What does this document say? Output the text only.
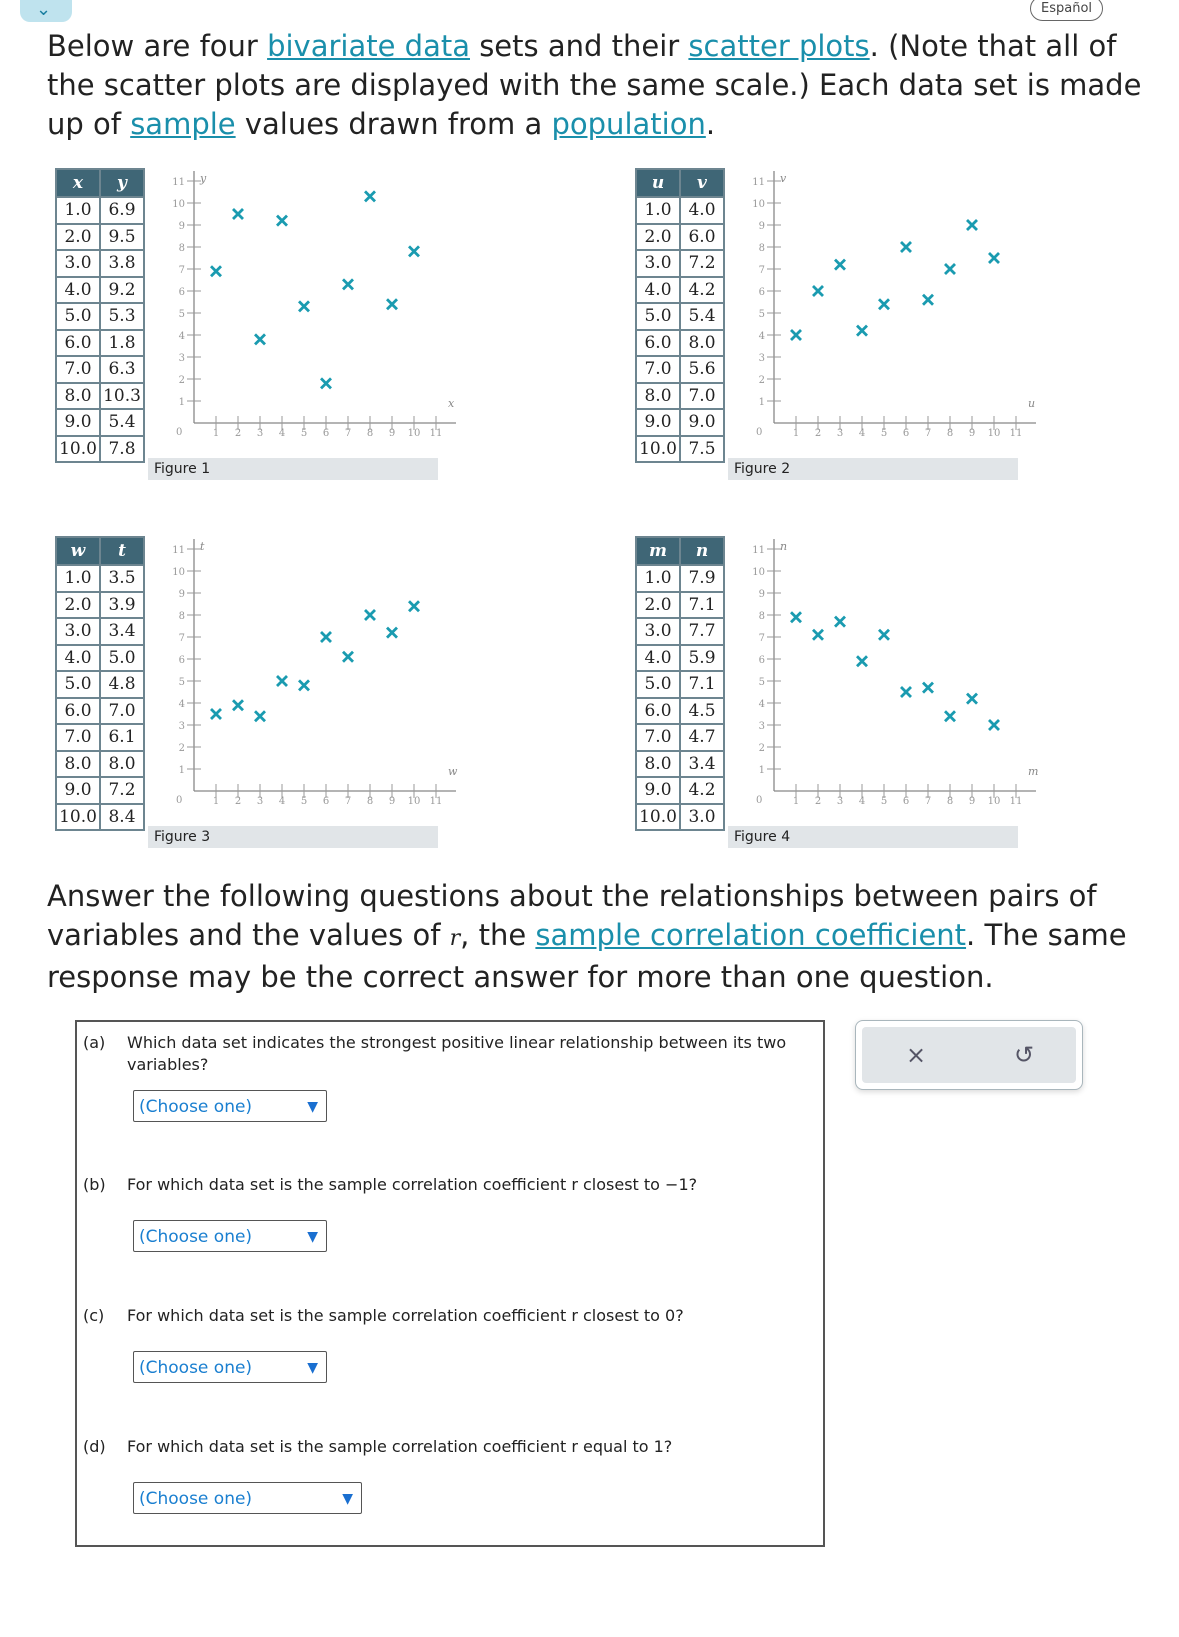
⌄	Español
Below are four bivariate data sets and their scatter plots. (Note that all of the scatter plots are displayed with the same scale.) Each data set is made up of sample values drawn from a population.
x	y
1.0	6.9
2.0	9.5
3.0	3.8
4.0	9.2
5.0	5.3
6.0	1.8
7.0	6.3
8.0	10.3
9.0	5.4
10.0	7.8
0	1
1
2
2
3
3
4
4
5
5
6
6
7
7
8
8
9
9
10
10
11
11
x
y
Figure 1
u	v
1.0	4.0
2.0	6.0
3.0	7.2
4.0	4.2
5.0	5.4
6.0	8.0
7.0	5.6
8.0	7.0
9.0	9.0
10.0	7.5
0	1
1
2
2
3
3
4
4
5
5
6
6
7
7
8
8
9
9
10
10
11
11
u
v
Figure 2
w	t
1.0	3.5
2.0	3.9
3.0	3.4
4.0	5.0
5.0	4.8
6.0	7.0
7.0	6.1
8.0	8.0
9.0	7.2
10.0	8.4
0	1
1
2
2
3
3
4
4
5
5
6
6
7
7
8
8
9
9
10
10
11
11
w
t
Figure 3
m	n
1.0	7.9
2.0	7.1
3.0	7.7
4.0	5.9
5.0	7.1
6.0	4.5
7.0	4.7
8.0	3.4
9.0	4.2
10.0	3.0
0	1
1
2
2
3
3
4
4
5
5
6
6
7
7
8
8
9
9
10
10
11
11
m
n
Figure 4
Answer the following questions about the relationships between pairs of variables and the values of r, the sample correlation coefficient. The same response may be the correct answer for more than one question.
(a) Which data set indicates the strongest positive linear relationship between its two variables?
(Choose one)	▼
(b) For which data set is the sample correlation coefficient r closest to −1?
(Choose one)	▼
(c) For which data set is the sample correlation coefficient r closest to 0?
(Choose one)	▼
(d) For which data set is the sample correlation coefficient r equal to 1?
(Choose one)	▼
×	↺
